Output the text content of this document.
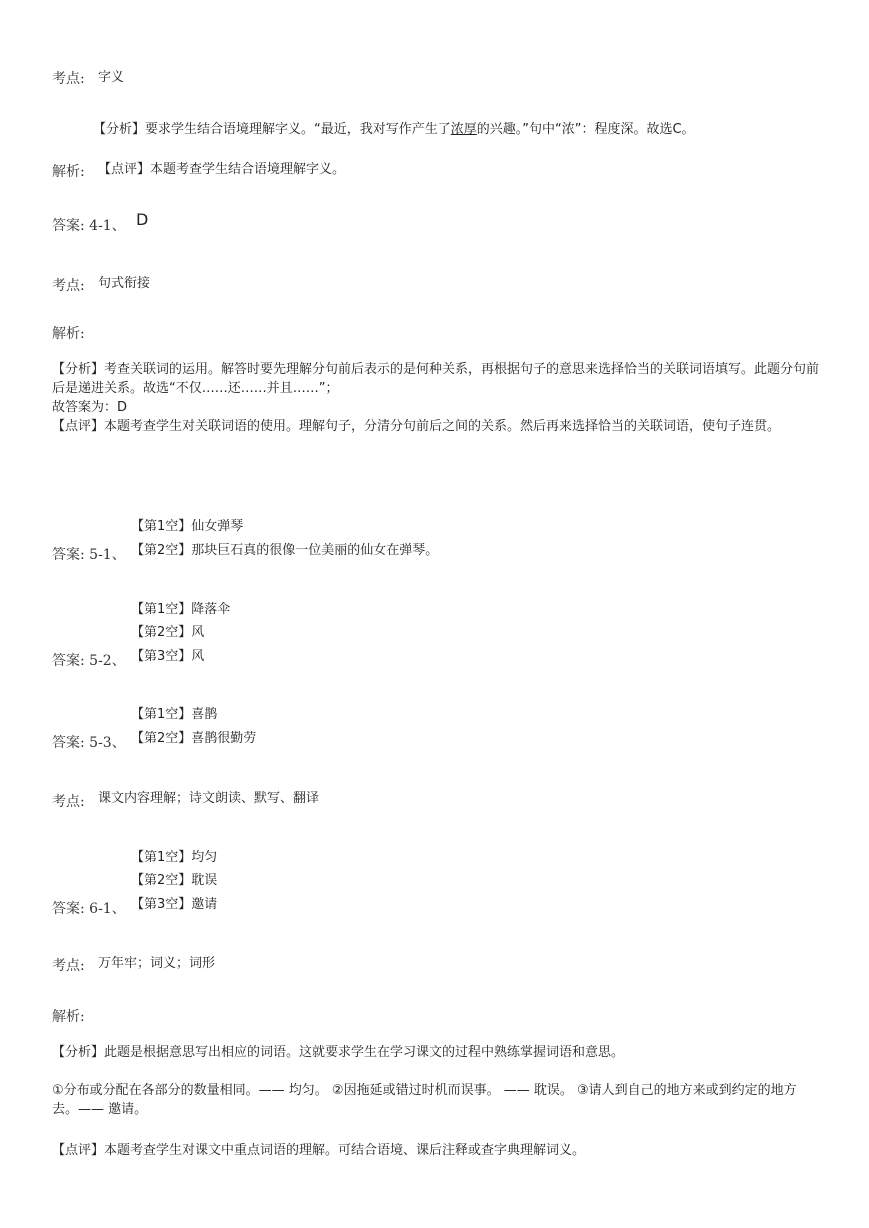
考点: 字义
【分析】要求学生结合语境理解字义。“最近，我对写作产生了浓厚的兴趣。”句中“浓”：程度深。故选C。
解析: 【点评】本题考查学生结合语境理解字义。
答案: 4-1、 D
考点: 句式衔接
解析:
【分析】考查关联词的运用。解答时要先理解分句前后表示的是何种关系，再根据句子的意思来选择恰当的关联词语填写。此题分句前后是递进关系。故选“不仅……还……并且……”；
故答案为：D
【点评】本题考查学生对关联词语的使用。理解句子，分清分句前后之间的关系。然后再来选择恰当的关联词语，使句子连贯。
【第1空】仙女弹琴
【第2空】那块巨石真的很像一位美丽的仙女在弹琴。
答案: 5-1、
【第1空】降落伞
【第2空】风
【第3空】风
答案: 5-2、
【第1空】喜鹊
【第2空】喜鹊很勤劳
答案: 5-3、
考点: 课文内容理解；诗文朗读、默写、翻译
【第1空】均匀
【第2空】耽误
【第3空】邀请
答案: 6-1、
考点: 万年牢；词义；词形
解析:
【分析】此题是根据意思写出相应的词语。这就要求学生在学习课文的过程中熟练掌握词语和意思。
①分布或分配在各部分的数量相同。—— 均匀。 ②因拖延或错过时机而误事。 —— 耽误。 ③请人到自己的地方来或到约定的地方去。—— 邀请。
【点评】本题考查学生对课文中重点词语的理解。可结合语境、课后注释或查字典理解词义。
